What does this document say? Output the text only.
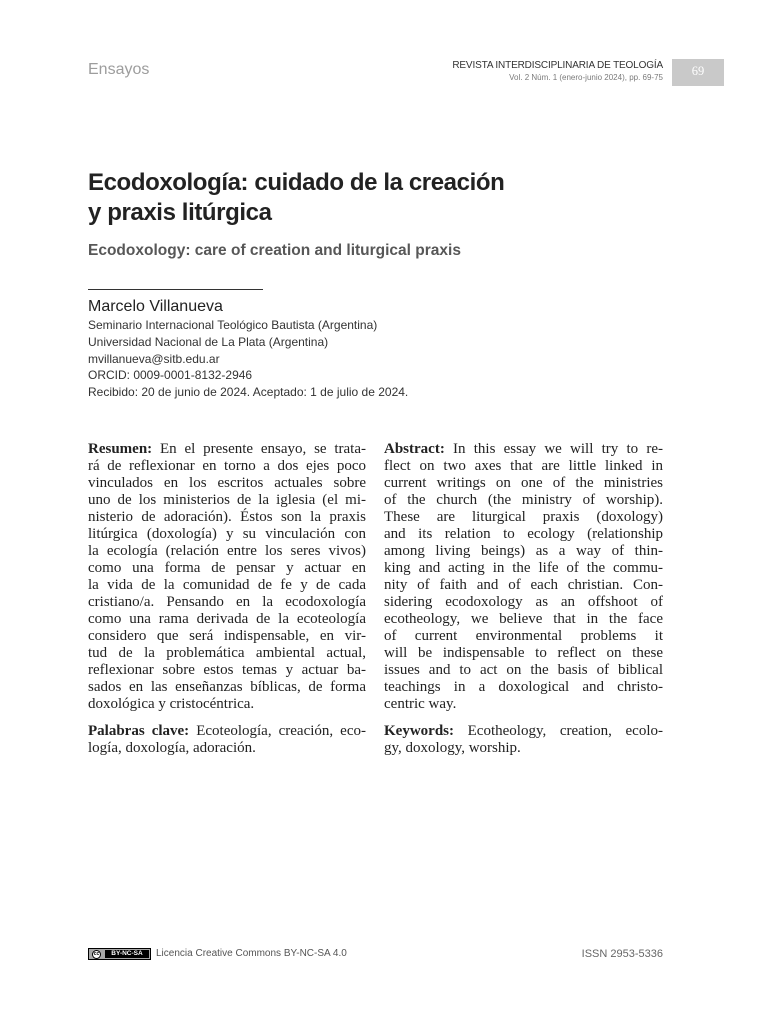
Ensayos	REVISTA INTERDISCIPLINARIA DE TEOLOGÍA
Vol. 2 Núm. 1 (enero-junio 2024), pp. 69-75	69
Ecodoxología: cuidado de la creación
y praxis litúrgica
Ecodoxology: care of creation and liturgical praxis
Marcelo Villanueva
Seminario Internacional Teológico Bautista (Argentina)
Universidad Nacional de La Plata (Argentina)
mvillanueva@sitb.edu.ar
ORCID: 0009-0001-8132-2946
Recibido: 20 de junio de 2024. Aceptado: 1 de julio de 2024.
Resumen: En el presente ensayo, se trata-
rá de reflexionar en torno a dos ejes poco
vinculados en los escritos actuales sobre
uno de los ministerios de la iglesia (el mi-
nisterio de adoración). Éstos son la praxis
litúrgica (doxología) y su vinculación con
la ecología (relación entre los seres vivos)
como una forma de pensar y actuar en
la vida de la comunidad de fe y de cada
cristiano/a. Pensando en la ecodoxología
como una rama derivada de la ecoteología
considero que será indispensable, en vir-
tud de la problemática ambiental actual,
reflexionar sobre estos temas y actuar ba-
sados en las enseñanzas bíblicas, de forma
doxológica y cristocéntrica.
Palabras clave: Ecoteología, creación, eco-
logía, doxología, adoración.
Abstract: In this essay we will try to re-
flect on two axes that are little linked in
current writings on one of the ministries
of the church (the ministry of worship).
These are liturgical praxis (doxology)
and its relation to ecology (relationship
among living beings) as a way of thin-
king and acting in the life of the commu-
nity of faith and of each christian. Con-
sidering ecodoxology as an offshoot of
ecotheology, we believe that in the face
of current environmental problems it
will be indispensable to reflect on these
issues and to act on the basis of biblical
teachings in a doxological and christo-
centric way.
Keywords: Ecotheology, creation, ecolo-
gy, doxology, worship.
cc	BY-NC-SA	Licencia Creative Commons BY-NC-SA 4.0	ISSN 2953-5336
